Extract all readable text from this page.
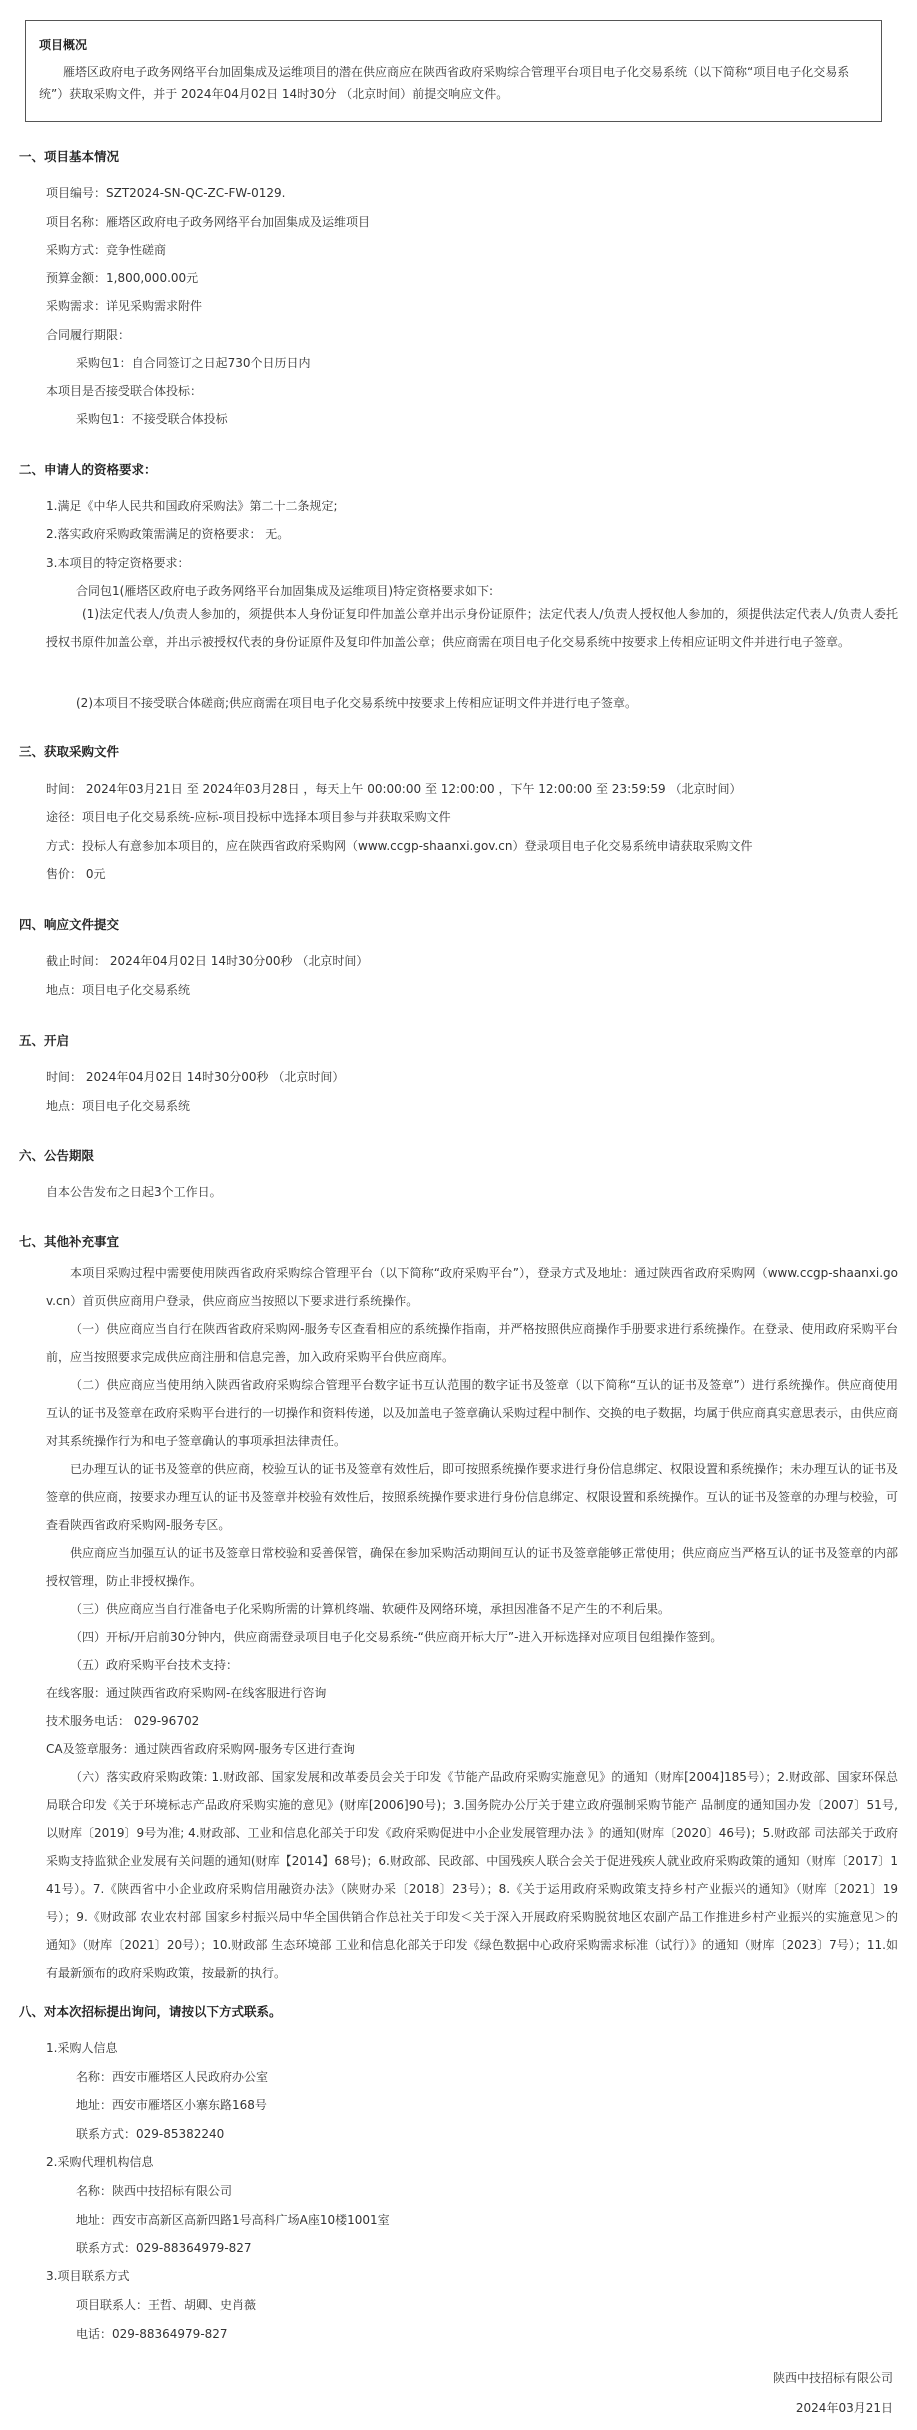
项目概况
雁塔区政府电子政务网络平台加固集成及运维项目的潜在供应商应在陕西省政府采购综合管理平台项目电子化交易系统（以下简称“项目电子化交易系统”）获取采购文件，并于 2024年04月02日 14时30分 （北京时间）前提交响应文件。
一、项目基本情况
项目编号：SZT2024-SN-QC-ZC-FW-0129.
项目名称：雁塔区政府电子政务网络平台加固集成及运维项目
采购方式：竞争性磋商
预算金额：1,800,000.00元
采购需求：详见采购需求附件
合同履行期限：
采购包1：自合同签订之日起730个日历日内
本项目是否接受联合体投标：
采购包1：不接受联合体投标
二、申请人的资格要求：
1.满足《中华人民共和国政府采购法》第二十二条规定;
2.落实政府采购政策需满足的资格要求： 无。
3.本项目的特定资格要求：
合同包1(雁塔区政府电子政务网络平台加固集成及运维项目)特定资格要求如下:
(1)法定代表人/负责人参加的，须提供本人身份证复印件加盖公章并出示身份证原件；法定代表人/负责人授权他人参加的，须提供法定代表人/负责人委托授权书原件加盖公章，并出示被授权代表的身份证原件及复印件加盖公章；供应商需在项目电子化交易系统中按要求上传相应证明文件并进行电子签章。
(2)本项目不接受联合体磋商;供应商需在项目电子化交易系统中按要求上传相应证明文件并进行电子签章。
三、获取采购文件
时间： 2024年03月21日 至 2024年03月28日 ，每天上午 00:00:00 至 12:00:00 ，下午 12:00:00 至 23:59:59 （北京时间）
途径：项目电子化交易系统-应标-项目投标中选择本项目参与并获取采购文件
方式：投标人有意参加本项目的，应在陕西省政府采购网（www.ccgp-shaanxi.gov.cn）登录项目电子化交易系统申请获取采购文件
售价： 0元
四、响应文件提交
截止时间： 2024年04月02日 14时30分00秒 （北京时间）
地点：项目电子化交易系统
五、开启
时间： 2024年04月02日 14时30分00秒 （北京时间）
地点：项目电子化交易系统
六、公告期限
自本公告发布之日起3个工作日。
七、其他补充事宜
本项目采购过程中需要使用陕西省政府采购综合管理平台（以下简称“政府采购平台”），登录方式及地址：通过陕西省政府采购网（www.ccgp-shaanxi.gov.cn）首页供应商用户登录，供应商应当按照以下要求进行系统操作。
（一）供应商应当自行在陕西省政府采购网-服务专区查看相应的系统操作指南，并严格按照供应商操作手册要求进行系统操作。在登录、使用政府采购平台前，应当按照要求完成供应商注册和信息完善，加入政府采购平台供应商库。
（二）供应商应当使用纳入陕西省政府采购综合管理平台数字证书互认范围的数字证书及签章（以下简称“互认的证书及签章”）进行系统操作。供应商使用互认的证书及签章在政府采购平台进行的一切操作和资料传递，以及加盖电子签章确认采购过程中制作、交换的电子数据，均属于供应商真实意思表示，由供应商对其系统操作行为和电子签章确认的事项承担法律责任。
已办理互认的证书及签章的供应商，校验互认的证书及签章有效性后，即可按照系统操作要求进行身份信息绑定、权限设置和系统操作；未办理互认的证书及签章的供应商，按要求办理互认的证书及签章并校验有效性后，按照系统操作要求进行身份信息绑定、权限设置和系统操作。互认的证书及签章的办理与校验，可查看陕西省政府采购网-服务专区。
供应商应当加强互认的证书及签章日常校验和妥善保管，确保在参加采购活动期间互认的证书及签章能够正常使用；供应商应当严格互认的证书及签章的内部授权管理，防止非授权操作。
（三）供应商应当自行准备电子化采购所需的计算机终端、软硬件及网络环境，承担因准备不足产生的不利后果。
（四）开标/开启前30分钟内，供应商需登录项目电子化交易系统-“供应商开标大厅”-进入开标选择对应项目包组操作签到。
（五）政府采购平台技术支持：
在线客服：通过陕西省政府采购网-在线客服进行咨询
技术服务电话： 029-96702
CA及签章服务：通过陕西省政府采购网-服务专区进行查询
（六）落实政府采购政策: 1.财政部、国家发展和改革委员会关于印发《节能产品政府采购实施意见》的通知（财库[2004]185号）；2.财政部、国家环保总局联合印发《关于环境标志产品政府采购实施的意见》(财库[2006]90号)；3.国务院办公厅关于建立政府强制采购节能产 品制度的通知国办发〔2007〕51号, 以财库〔2019〕9号为准; 4.财政部、工业和信息化部关于印发《政府采购促进中小企业发展管理办法 》的通知(财库〔2020〕46号)；5.财政部 司法部关于政府采购支持监狱企业发展有关问题的通知(财库【2014】68号)；6.财政部、民政部、中国残疾人联合会关于促进残疾人就业政府采购政策的通知（财库〔2017〕141号）。7.《陕西省中小企业政府采购信用融资办法》（陕财办采〔2018〕23号）；8.《关于运用政府采购政策支持乡村产业振兴的通知》（财库〔2021〕19号）；9.《财政部 农业农村部 国家乡村振兴局中华全国供销合作总社关于印发＜关于深入开展政府采购脱贫地区农副产品工作推进乡村产业振兴的实施意见＞的通知》（财库〔2021〕20号）；10.财政部 生态环境部 工业和信息化部关于印发《绿色数据中心政府采购需求标准（试行）》的通知（财库〔2023〕7号）；11.如有最新颁布的政府采购政策，按最新的执行。
八、对本次招标提出询问，请按以下方式联系。
1.采购人信息
名称：西安市雁塔区人民政府办公室
地址：西安市雁塔区小寨东路168号
联系方式：029-85382240
2.采购代理机构信息
名称：陕西中技招标有限公司
地址：西安市高新区高新四路1号高科广场A座10楼1001室
联系方式：029-88364979-827
3.项目联系方式
项目联系人：王哲、胡卿、史肖薇
电话：029-88364979-827
陕西中技招标有限公司
2024年03月21日
